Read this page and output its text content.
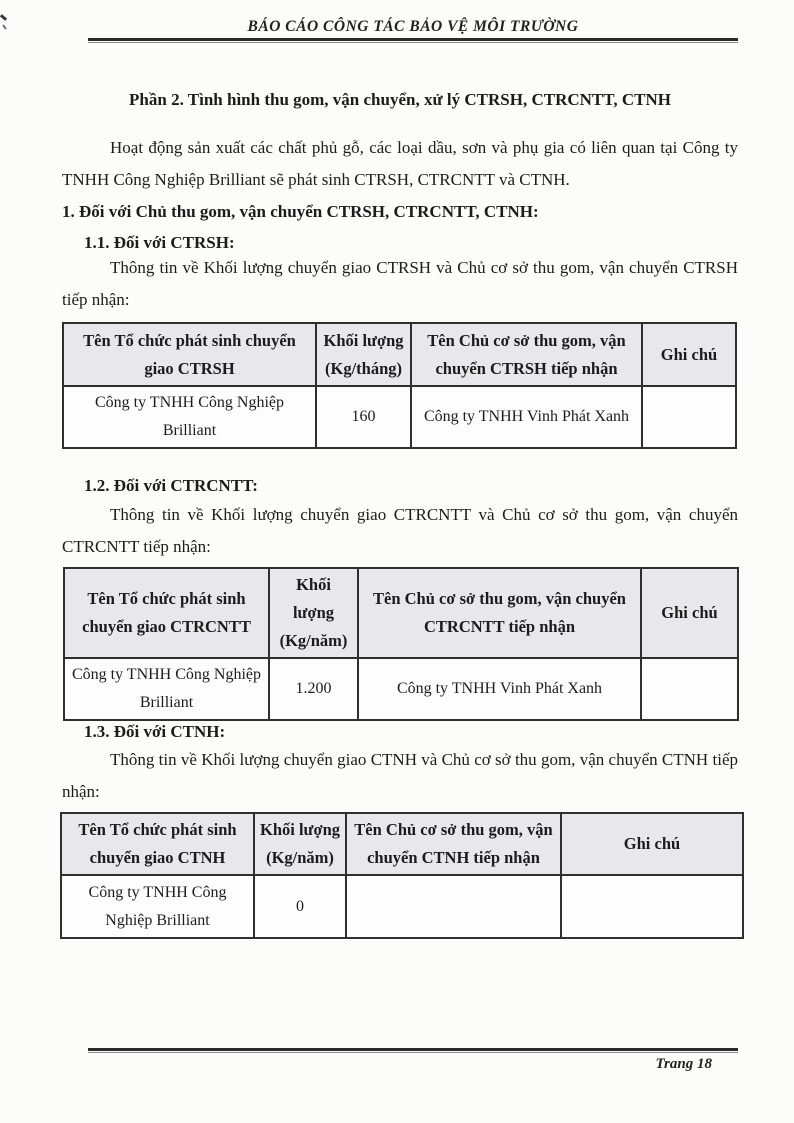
BÁO CÁO CÔNG TÁC BẢO VỆ MÔI TRƯỜNG
Phần 2. Tình hình thu gom, vận chuyển, xử lý CTRSH, CTRCNTT, CTNH
Hoạt động sản xuất các chất phủ gỗ, các loại dầu, sơn và phụ gia có liên quan tại Công ty TNHH Công Nghiệp Brilliant sẽ phát sinh CTRSH, CTRCNTT và CTNH.
1. Đối với Chủ thu gom, vận chuyển CTRSH, CTRCNTT, CTNH:
1.1. Đối với CTRSH:
Thông tin về Khối lượng chuyển giao CTRSH và Chủ cơ sở thu gom, vận chuyển CTRSH tiếp nhận:
Tên Tổ chức phát sinh chuyển giao CTRSH	Khối lượng (Kg/tháng)	Tên Chủ cơ sở thu gom, vận chuyển CTRSH tiếp nhận	Ghi chú
Công ty TNHH Công Nghiệp Brilliant	160	Công ty TNHH Vinh Phát Xanh	
1.2. Đối với CTRCNTT:
Thông tin về Khối lượng chuyển giao CTRCNTT và Chủ cơ sở thu gom, vận chuyển CTRCNTT tiếp nhận:
Tên Tổ chức phát sinh chuyển giao CTRCNTT	Khối lượng (Kg/năm)	Tên Chủ cơ sở thu gom, vận chuyển CTRCNTT tiếp nhận	Ghi chú
Công ty TNHH Công Nghiệp Brilliant	1.200	Công ty TNHH Vinh Phát Xanh	
1.3. Đối với CTNH:
Thông tin về Khối lượng chuyển giao CTNH và Chủ cơ sở thu gom, vận chuyển CTNH tiếp nhận:
Tên Tổ chức phát sinh chuyển giao CTNH	Khối lượng (Kg/năm)	Tên Chủ cơ sở thu gom, vận chuyển CTNH tiếp nhận	Ghi chú
Công ty TNHH Công Nghiệp Brilliant	0		
Trang 18
